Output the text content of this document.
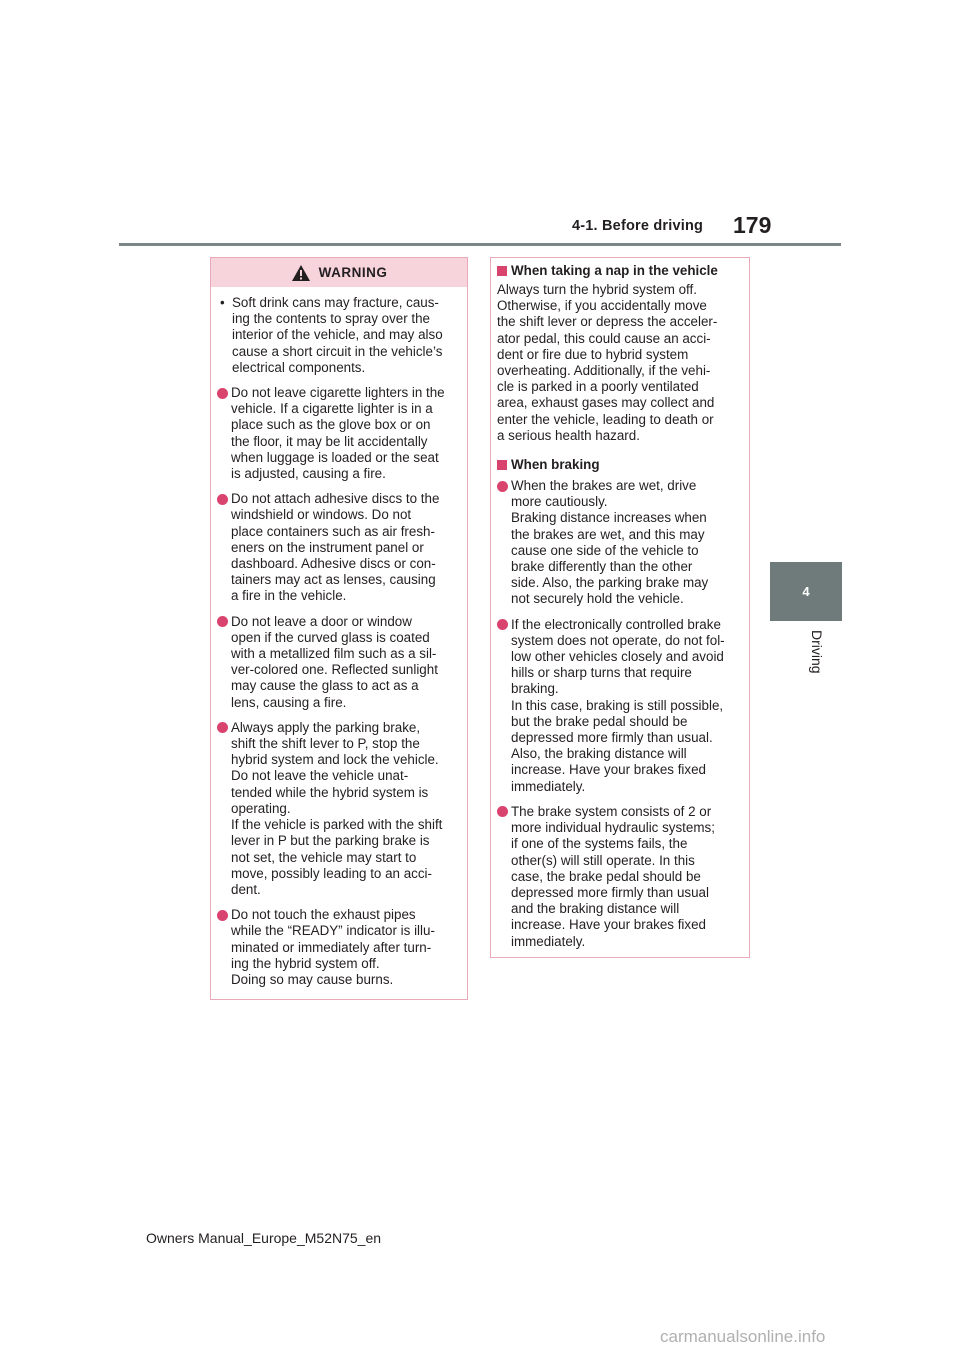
4-1. Before driving 179
4
Driving
WARNING
• Soft drink cans may fracture, caus-
ing the contents to spray over the
interior of the vehicle, and may also
cause a short circuit in the vehicle’s
electrical components.
Do not leave cigarette lighters in the
vehicle. If a cigarette lighter is in a
place such as the glove box or on
the floor, it may be lit accidentally
when luggage is loaded or the seat
is adjusted, causing a fire.
Do not attach adhesive discs to the
windshield or windows. Do not
place containers such as air fresh-
eners on the instrument panel or
dashboard. Adhesive discs or con-
tainers may act as lenses, causing
a fire in the vehicle.
Do not leave a door or window
open if the curved glass is coated
with a metallized film such as a sil-
ver-colored one. Reflected sunlight
may cause the glass to act as a
lens, causing a fire.
Always apply the parking brake,
shift the shift lever to P, stop the
hybrid system and lock the vehicle.
Do not leave the vehicle unat-
tended while the hybrid system is
operating.
If the vehicle is parked with the shift
lever in P but the parking brake is
not set, the vehicle may start to
move, possibly leading to an acci-
dent.
Do not touch the exhaust pipes
while the “READY” indicator is illu-
minated or immediately after turn-
ing the hybrid system off.
Doing so may cause burns.
When taking a nap in the vehicle
Always turn the hybrid system off.
Otherwise, if you accidentally move
the shift lever or depress the acceler-
ator pedal, this could cause an acci-
dent or fire due to hybrid system
overheating. Additionally, if the vehi-
cle is parked in a poorly ventilated
area, exhaust gases may collect and
enter the vehicle, leading to death or
a serious health hazard.
When braking
When the brakes are wet, drive
more cautiously.
Braking distance increases when
the brakes are wet, and this may
cause one side of the vehicle to
brake differently than the other
side. Also, the parking brake may
not securely hold the vehicle.
If the electronically controlled brake
system does not operate, do not fol-
low other vehicles closely and avoid
hills or sharp turns that require
braking.
In this case, braking is still possible,
but the brake pedal should be
depressed more firmly than usual.
Also, the braking distance will
increase. Have your brakes fixed
immediately.
The brake system consists of 2 or
more individual hydraulic systems;
if one of the systems fails, the
other(s) will still operate. In this
case, the brake pedal should be
depressed more firmly than usual
and the braking distance will
increase. Have your brakes fixed
immediately.
Owners Manual_Europe_M52N75_en
carmanualsonline.info
